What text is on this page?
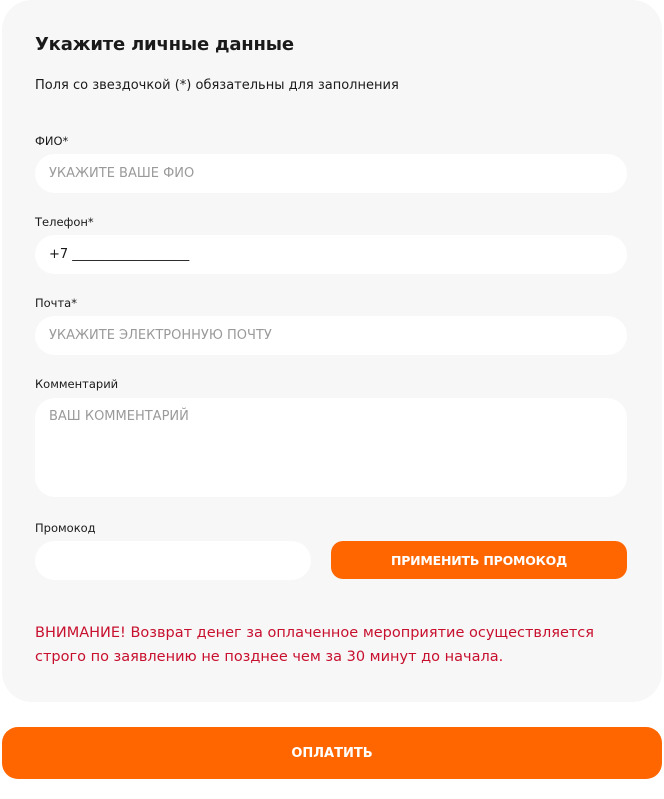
Укажите личные данные
Поля со звездочкой (*) обязательны для заполнения
ФИО*
УКАЖИТЕ ВАШЕ ФИО
Телефон*
+7 __________________
Почта*
УКАЖИТЕ ЭЛЕКТРОННУЮ ПОЧТУ
Комментарий
ВАШ КОММЕНТАРИЙ
Промокод
ПРИМЕНИТЬ ПРОМОКОД
ВНИМАНИЕ! Возврат денег за оплаченное мероприятие осуществляется строго по заявлению не позднее чем за 30 минут до начала.
ОПЛАТИТЬ
